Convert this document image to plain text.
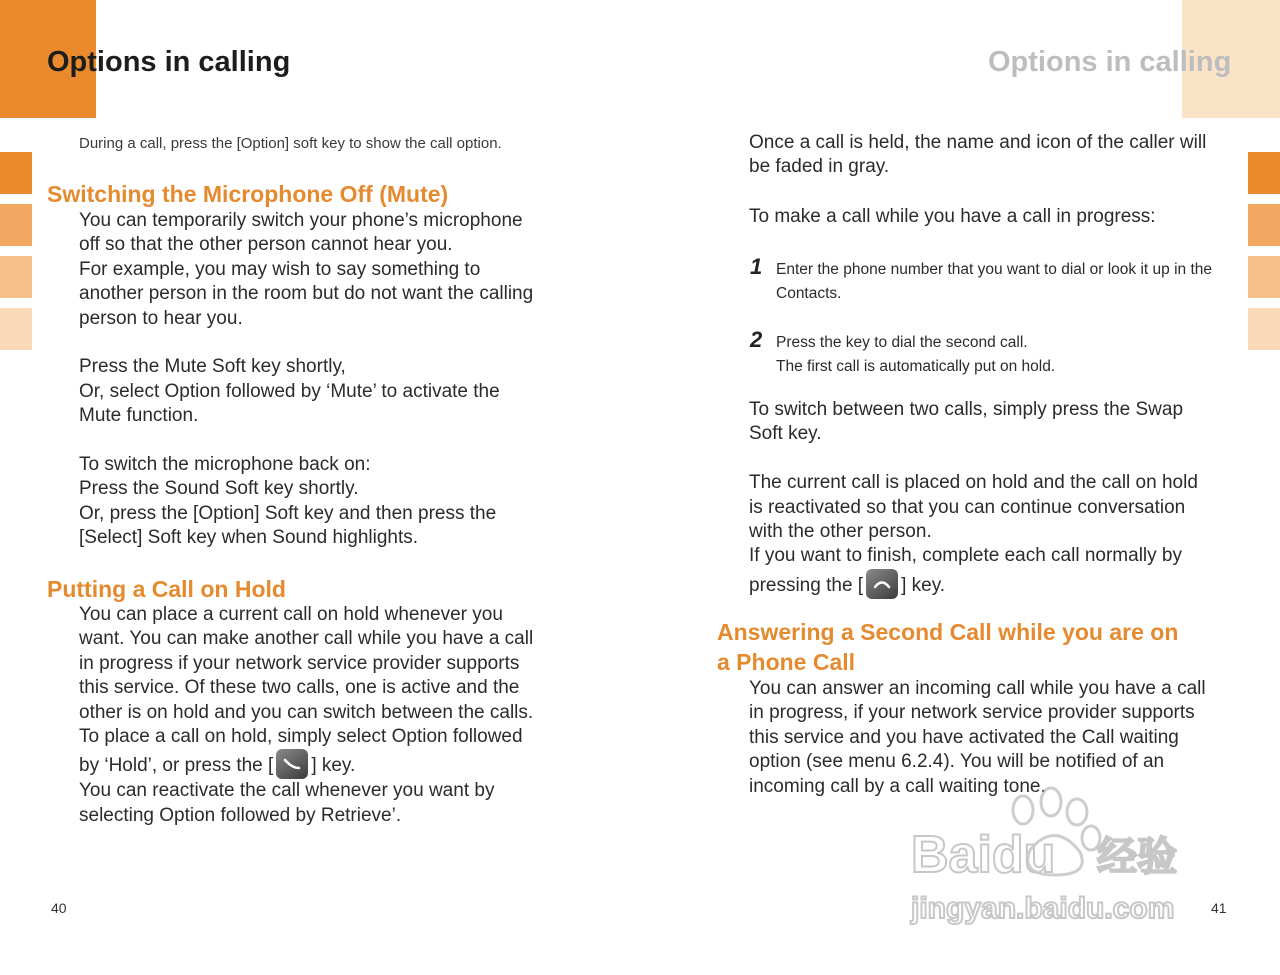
Options in calling	Options in calling

During a call, press the [Option] soft key to show the call option.

Switching the Microphone Off (Mute)

You can temporarily switch your phone’s microphone

off so that the other person cannot hear you.

For example, you may wish to say something to

another person in the room but do not want the calling

person to hear you.

Press the Mute Soft key shortly,

Or, select Option followed by ‘Mute’ to activate the

Mute function.

To switch the microphone back on:

Press the Sound Soft key shortly.

Or, press the [Option] Soft key and then press the

[Select] Soft key when Sound highlights.

Putting a Call on Hold

You can place a current call on hold whenever you

want. You can make another call while you have a call

in progress if your network service provider supports

this service. Of these two calls, one is active and the

other is on hold and you can switch between the calls.

To place a call on hold, simply select Option followed

by ‘Hold’, or press the [ ] key.

You can reactivate the call whenever you want by

selecting Option followed by Retrieve’.

40

Once a call is held, the name and icon of the caller will

be faded in gray.

To make a call while you have a call in progress:

1 Enter the phone number that you want to dial or look it up in the

Contacts.

2 Press the key to dial the second call.

The first call is automatically put on hold.

To switch between two calls, simply press the Swap

Soft key.

The current call is placed on hold and the call on hold

is reactivated so that you can continue conversation

with the other person.

If you want to finish, complete each call normally by

pressing the [ ] key.

Answering a Second Call while you are on
a Phone Call

You can answer an incoming call while you have a call

in progress, if your network service provider supports

this service and you have activated the Call waiting

option (see menu 6.2.4). You will be notified of an

incoming call by a call waiting tone.

41
Baidu 经验
jingyan.baidu.com
